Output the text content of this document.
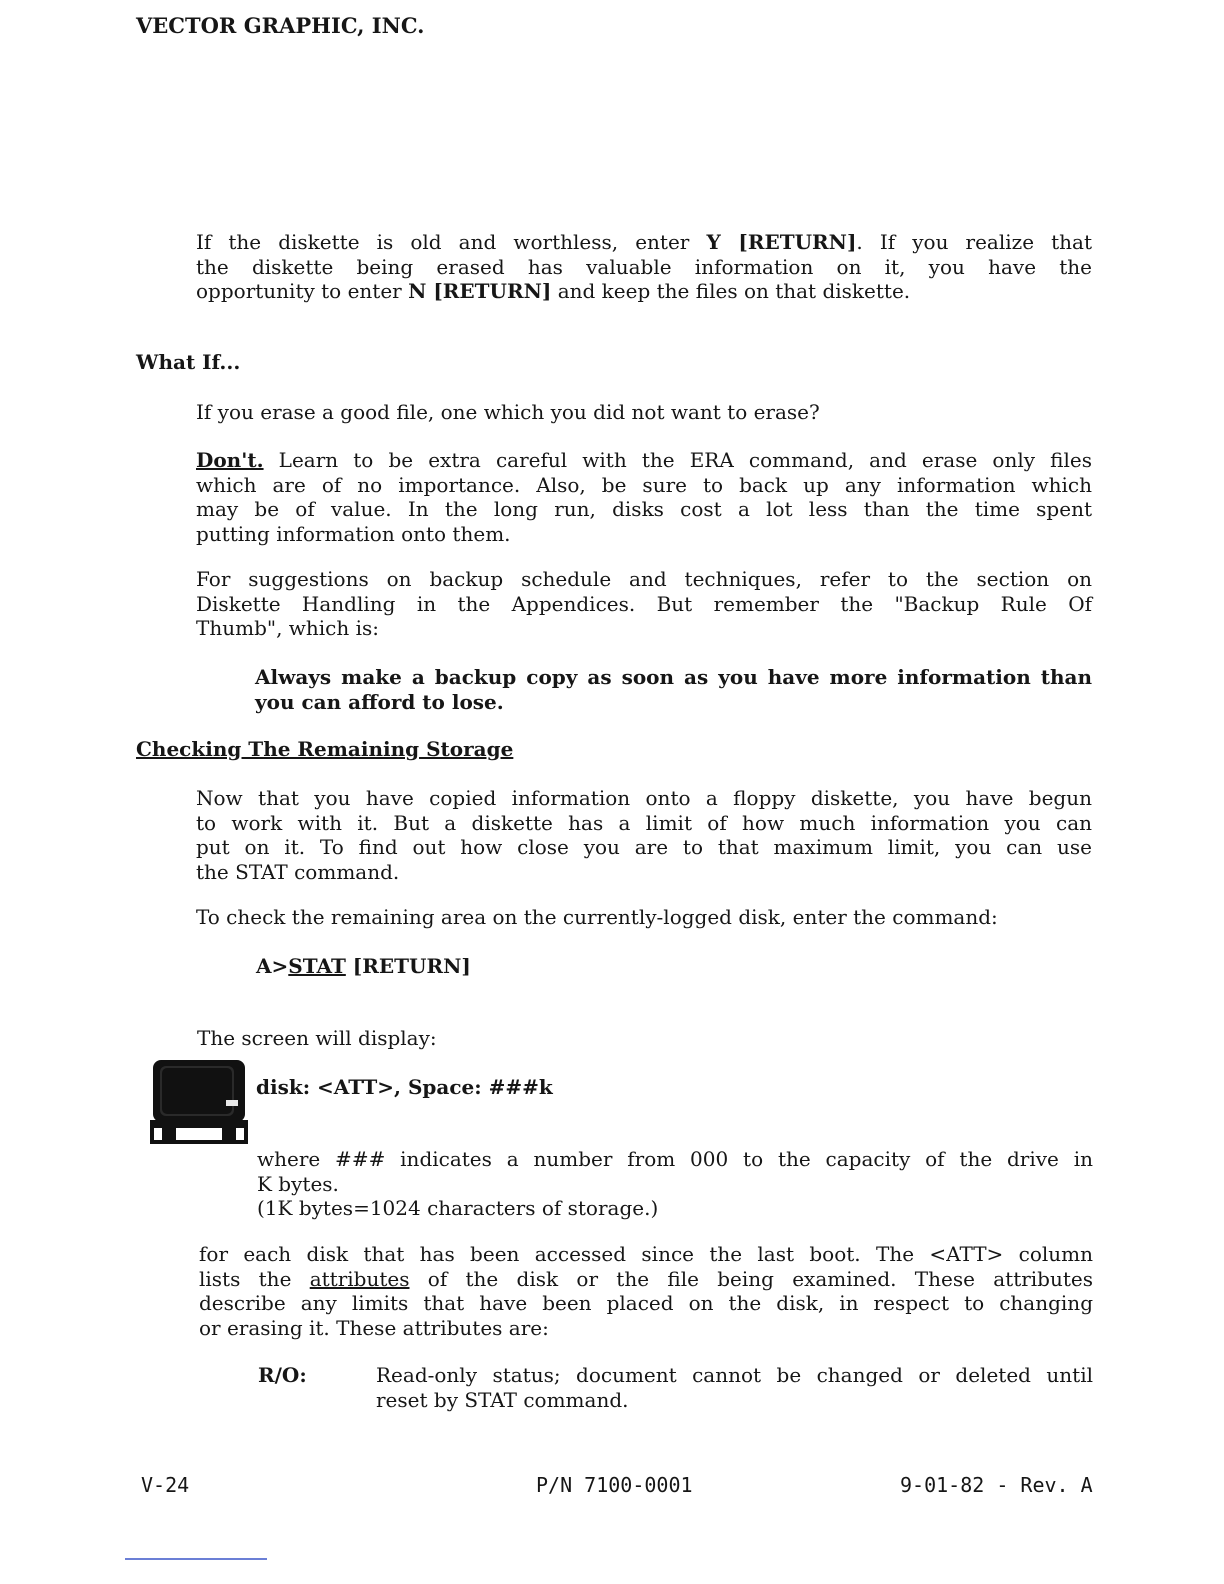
VECTOR GRAPHIC, INC.
If the diskette is old and worthless, enter Y [RETURN]. If you realize that
the diskette being erased has valuable information on it, you have the
opportunity to enter N [RETURN] and keep the files on that diskette.
What If...
If you erase a good file, one which you did not want to erase?
Don't. Learn to be extra careful with the ERA command, and erase only files
which are of no importance. Also, be sure to back up any information which
may be of value. In the long run, disks cost a lot less than the time spent
putting information onto them.
For suggestions on backup schedule and techniques, refer to the section on
Diskette Handling in the Appendices. But remember the "Backup Rule Of
Thumb", which is:
Always make a backup copy as soon as you have more information than
you can afford to lose.
Checking The Remaining Storage
Now that you have copied information onto a floppy diskette, you have begun
to work with it. But a diskette has a limit of how much information you can
put on it. To find out how close you are to that maximum limit, you can use
the STAT command.
To check the remaining area on the currently-logged disk, enter the command:
A>STAT [RETURN]
The screen will display:
disk: <ATT>, Space: ###k
where ### indicates a number from 000 to the capacity of the drive in
K bytes.
(1K bytes=1024 characters of storage.)
for each disk that has been accessed since the last boot. The <ATT> column
lists the attributes of the disk or the file being examined. These attributes
describe any limits that have been placed on the disk, in respect to changing
or erasing it. These attributes are:
R/O:	Read-only status; document cannot be changed or deleted until
reset by STAT command.
V-24	P/N 7100-0001	9-01-82 - Rev. A
